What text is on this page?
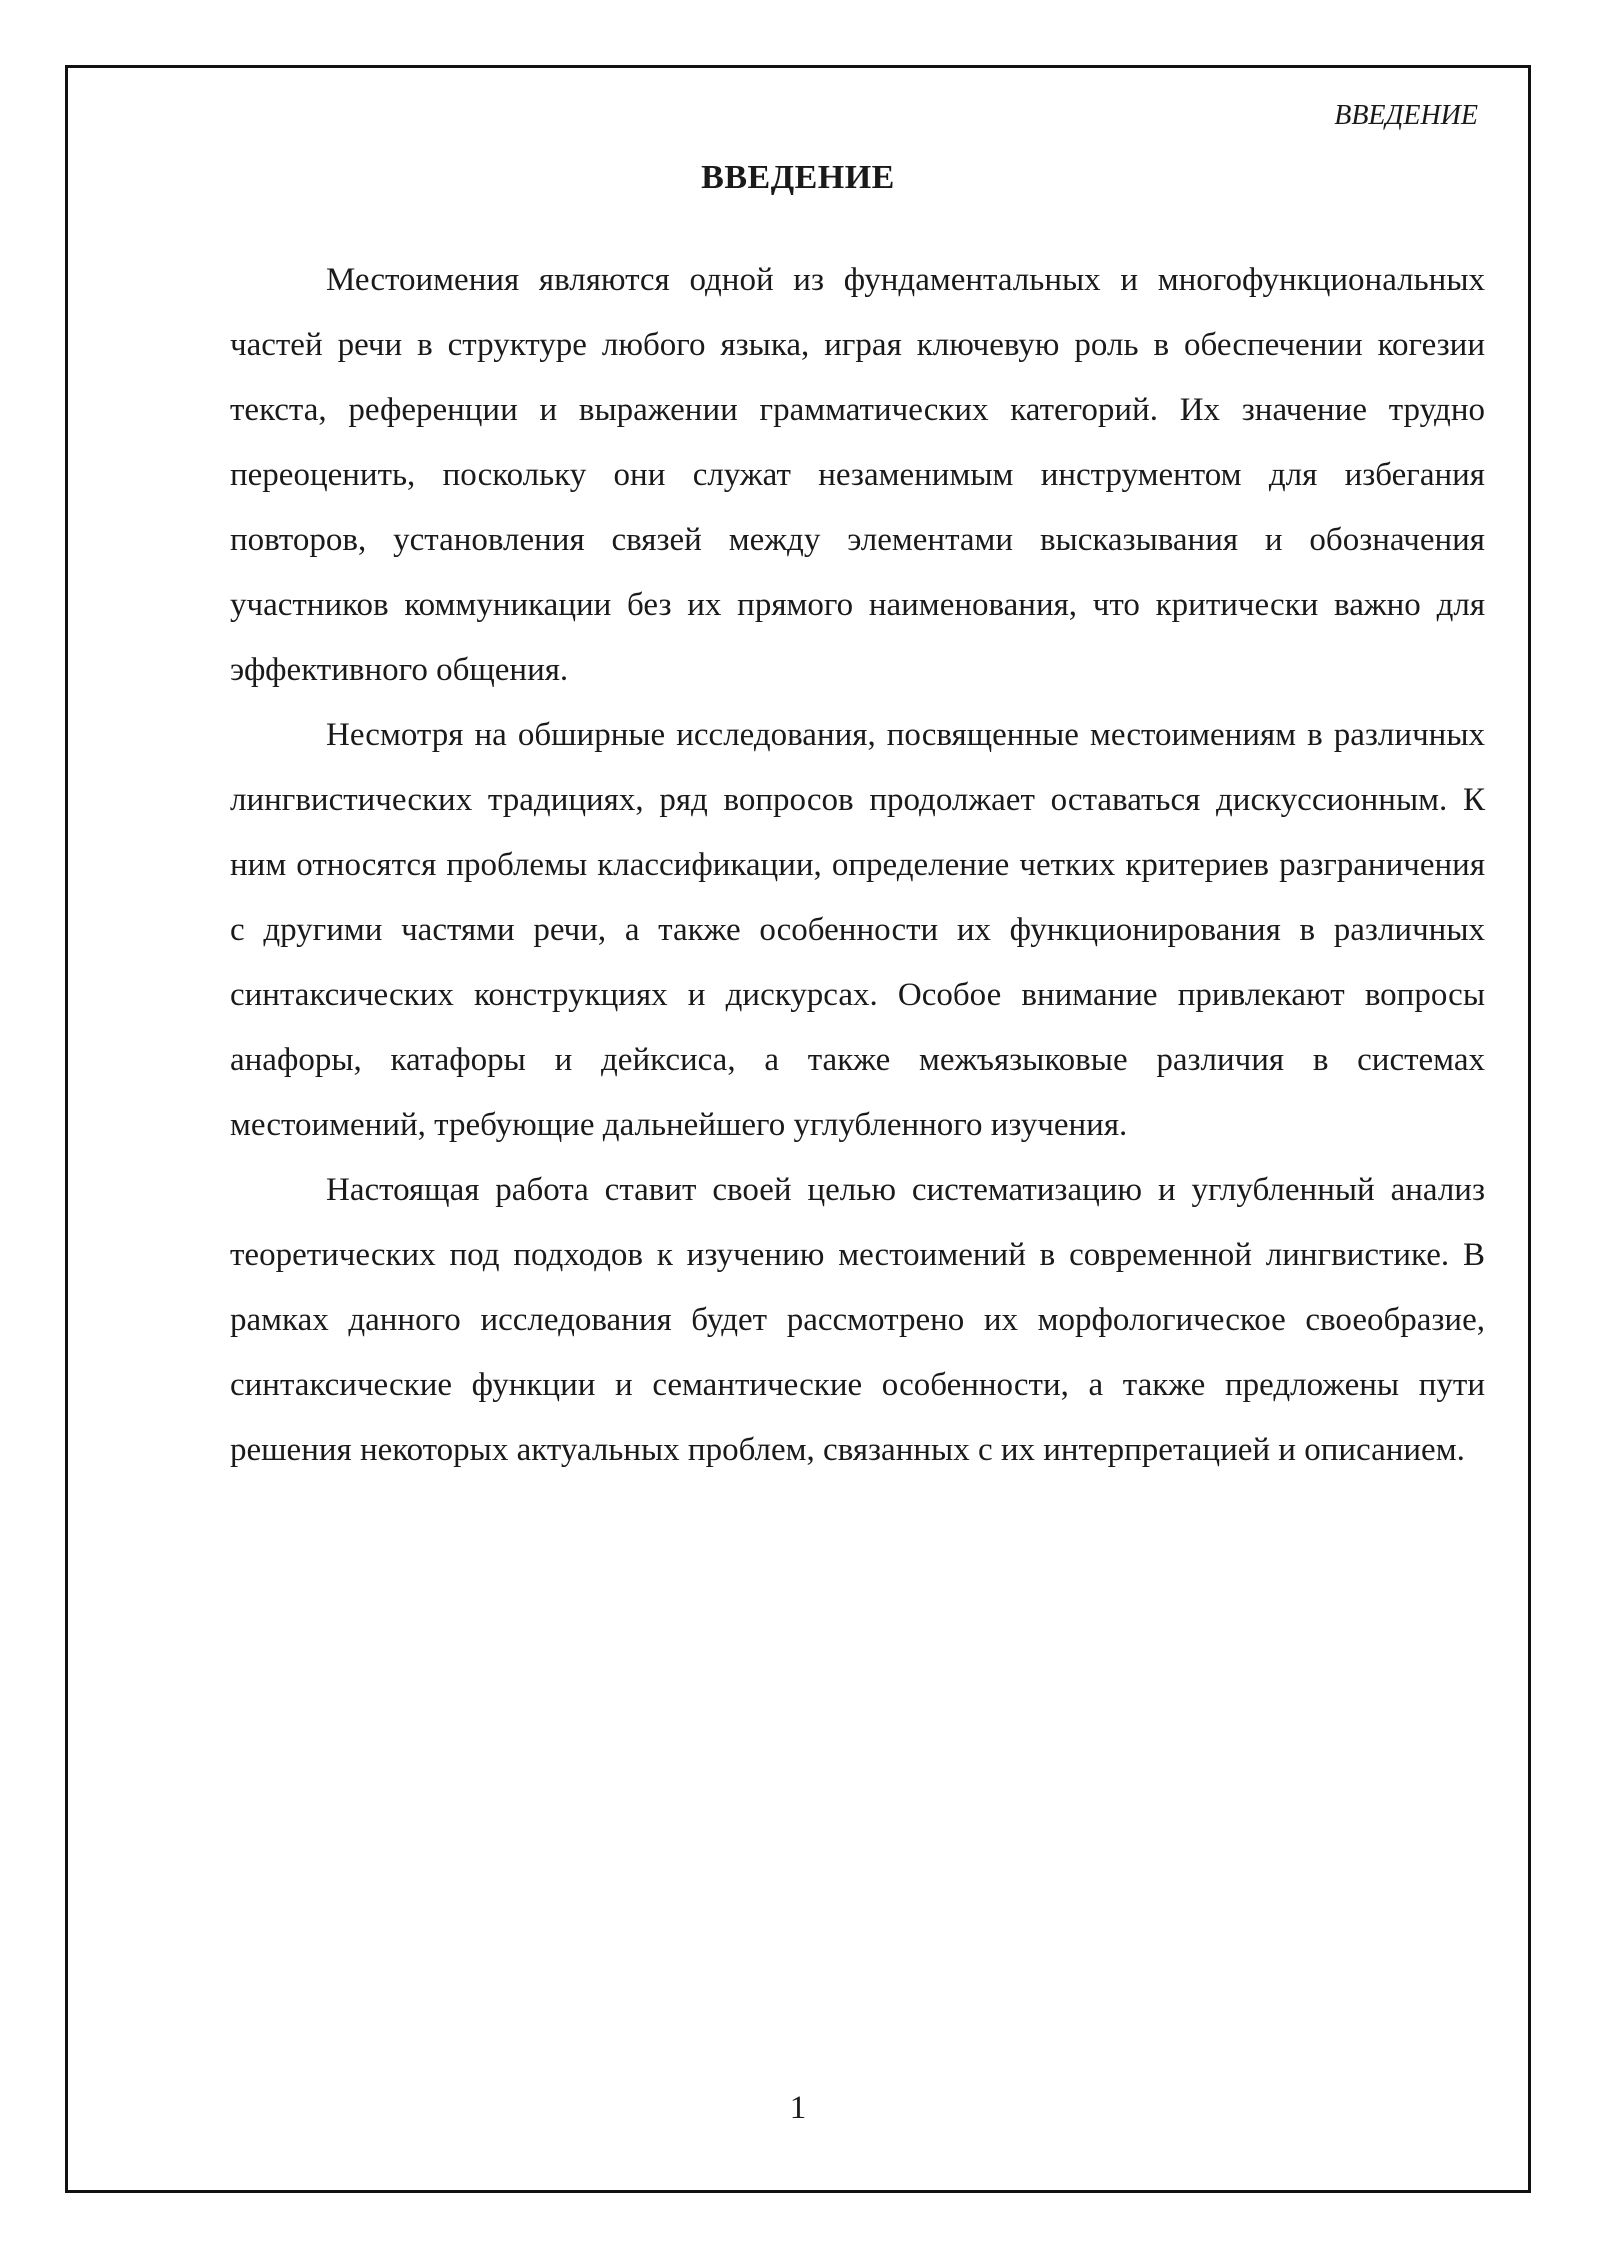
ВВЕДЕНИЕ
ВВЕДЕНИЕ

Местоимения являются одной из фундаментальных и многофункциональных частей речи в структуре любого языка, играя ключевую роль в обеспечении когезии текста, референции и выражении грамматических категорий. Их значение трудно переоценить, поскольку они служат незаменимым инструментом для избегания повторов, установления связей между элементами высказывания и обозначения участников коммуникации без их прямого наименования, что критически важно для эффективного общения.

Несмотря на обширные исследования, посвященные местоимениям в различных лингвистических традициях, ряд вопросов продолжает оставаться дискуссионным. К ним относятся проблемы классификации, определение четких критериев разграничения с другими частями речи, а также особенности их функционирования в различных синтаксических конструкциях и дискурсах. Особое внимание привлекают вопросы анафоры, катафоры и дейксиса, а также межъязыковые различия в системах местоимений, требующие дальнейшего углубленного изучения.

Настоящая работа ставит своей целью систематизацию и углубленный анализ теоретических под подходов к изучению местоимений в современной лингвистике. В рамках данного исследования будет рассмотрено их морфологическое своеобразие, синтаксические функции и семантические особенности, а также предложены пути решения некоторых актуальных проблем, связанных с их интерпретацией и описанием.

1
